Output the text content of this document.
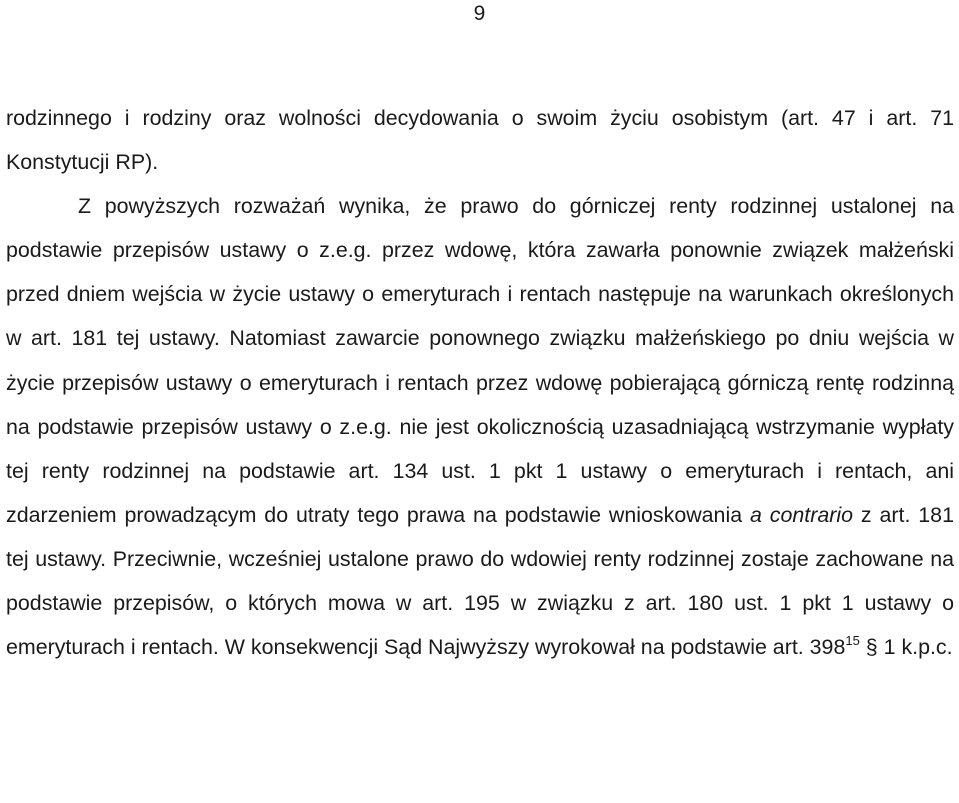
9

rodzinnego i rodziny oraz wolności decydowania o swoim życiu osobistym (art. 47 i art. 71 Konstytucji RP).

Z powyższych rozważań wynika, że prawo do górniczej renty rodzinnej ustalonej na podstawie przepisów ustawy o z.e.g. przez wdowę, która zawarła ponownie związek małżeński przed dniem wejścia w życie ustawy o emeryturach i rentach następuje na warunkach określonych w art. 181 tej ustawy. Natomiast zawarcie ponownego związku małżeńskiego po dniu wejścia w życie przepisów ustawy o emeryturach i rentach przez wdowę pobierającą górniczą rentę rodzinną na podstawie przepisów ustawy o z.e.g. nie jest okolicznością uzasadniającą wstrzymanie wypłaty tej renty rodzinnej na podstawie art. 134 ust. 1 pkt 1 ustawy o emeryturach i rentach, ani zdarzeniem prowadzącym do utraty tego prawa na podstawie wnioskowania a contrario z art. 181 tej ustawy. Przeciwnie, wcześniej ustalone prawo do wdowiej renty rodzinnej zostaje zachowane na podstawie przepisów, o których mowa w art. 195 w związku z art. 180 ust. 1 pkt 1 ustawy o emeryturach i rentach. W konsekwencji Sąd Najwyższy wyrokował na podstawie art. $398^{15}$ § 1 k.p.c.
